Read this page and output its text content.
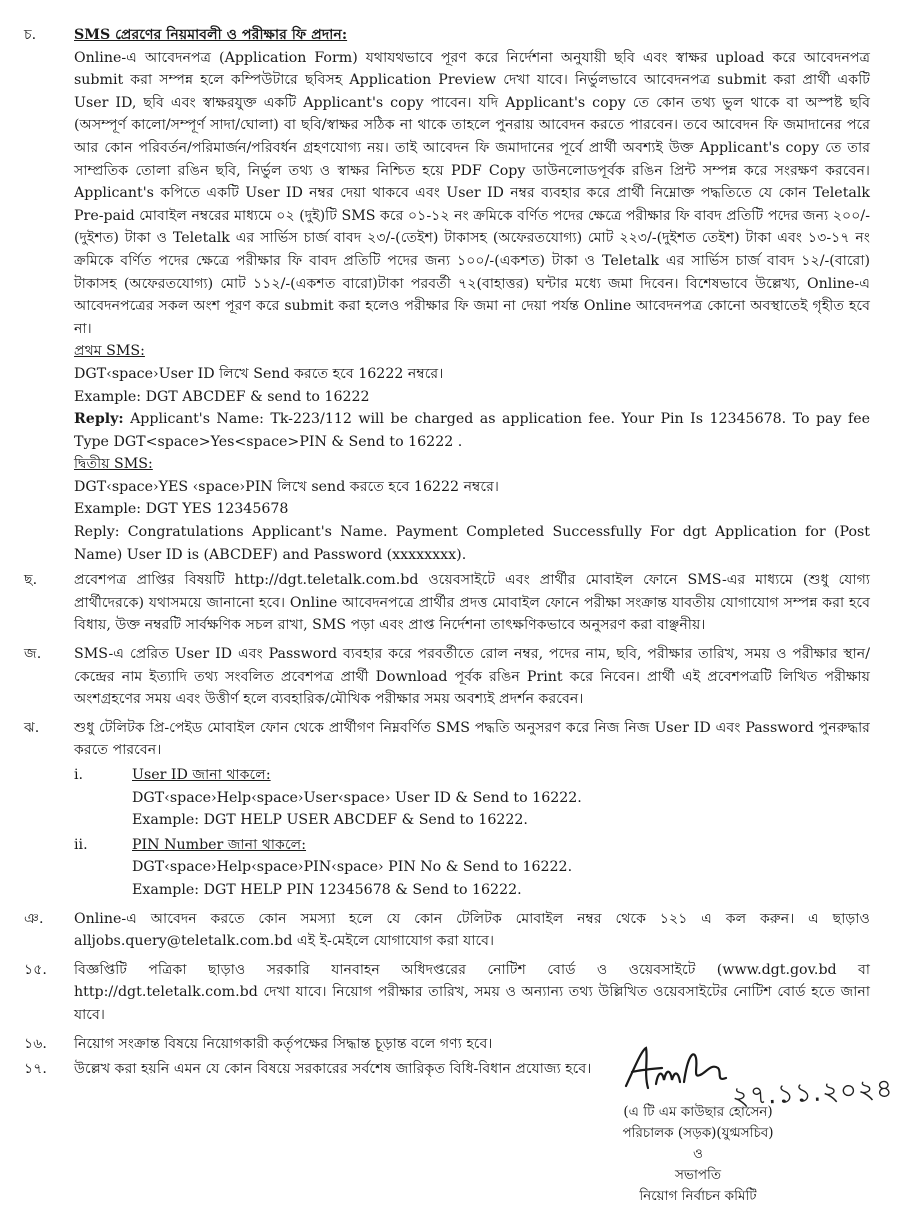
চ.	SMS প্রেরণের নিয়মাবলী ও পরীক্ষার ফি প্রদান:

Online-এ আবেদনপত্র (Application Form) যথাযথভাবে পূরণ করে নির্দেশনা অনুযায়ী ছবি এবং স্বাক্ষর upload করে আবেদনপত্র submit করা সম্পন্ন হলে কম্পিউটারে ছবিসহ Application Preview দেখা যাবে। নির্ভুলভাবে আবেদনপত্র submit করা প্রার্থী একটি User ID, ছবি এবং স্বাক্ষরযুক্ত একটি Applicant's copy পাবেন। যদি Applicant's copy তে কোন তথ্য ভুল থাকে বা অস্পষ্ট ছবি (অসম্পূর্ণ কালো/সম্পূর্ণ সাদা/ঘোলা) বা ছবি/স্বাক্ষর সঠিক না থাকে তাহলে পুনরায় আবেদন করতে পারবেন। তবে আবেদন ফি জমাদানের পরে আর কোন পরিবর্তন/পরিমার্জন/পরিবর্ধন গ্রহণযোগ্য নয়। তাই আবেদন ফি জমাদানের পূর্বে প্রার্থী অবশ্যই উক্ত Applicant's copy তে তার সাম্প্রতিক তোলা রঙিন ছবি, নির্ভুল তথ্য ও স্বাক্ষর নিশ্চিত হয়ে PDF Copy ডাউনলোডপূর্বক রঙিন প্রিন্ট সম্পন্ন করে সংরক্ষণ করবেন। Applicant's কপিতে একটি User ID নম্বর দেয়া থাকবে এবং User ID নম্বর ব্যবহার করে প্রার্থী নিম্নোক্ত পদ্ধতিতে যে কোন Teletalk Pre-paid মোবাইল নম্বরের মাধ্যমে ০২ (দুই)টি SMS করে ০১-১২ নং ক্রমিকে বর্ণিত পদের ক্ষেত্রে পরীক্ষার ফি বাবদ প্রতিটি পদের জন্য ২০০/-(দুইশত) টাকা ও Teletalk এর সার্ভিস চার্জ বাবদ ২৩/-(তেইশ) টাকাসহ (অফেরতযোগ্য) মোট ২২৩/-(দুইশত তেইশ) টাকা এবং ১৩-১৭ নং ক্রমিকে বর্ণিত পদের ক্ষেত্রে পরীক্ষার ফি বাবদ প্রতিটি পদের জন্য ১০০/-(একশত) টাকা ও Teletalk এর সার্ভিস চার্জ বাবদ ১২/-(বারো) টাকাসহ (অফেরতযোগ্য) মোট ১১২/-(একশত বারো)টাকা পরবর্তী ৭২(বাহাত্তর) ঘন্টার মধ্যে জমা দিবেন। বিশেষভাবে উল্লেখ্য, Online-এ আবেদনপত্রের সকল অংশ পূরণ করে submit করা হলেও পরীক্ষার ফি জমা না দেয়া পর্যন্ত Online আবেদনপত্র কোনো অবস্থাতেই গৃহীত হবে না।

প্রথম SMS:

DGT‹space›User ID লিখে Send করতে হবে 16222 নম্বরে।

Example: DGT ABCDEF & send to 16222

Reply: Applicant's Name: Tk-223/112 will be charged as application fee. Your Pin Is 12345678. To pay fee Type DGT<space>Yes<space>PIN & Send to 16222 .

দ্বিতীয় SMS:

DGT‹space›YES ‹space›PIN লিখে send করতে হবে 16222 নম্বরে।

Example: DGT YES 12345678

Reply: Congratulations Applicant's Name. Payment Completed Successfully For dgt Application for (Post Name) User ID is (ABCDEF) and Password (xxxxxxxx).

ছ.	প্রবেশপত্র প্রাপ্তির বিষয়টি http://dgt.teletalk.com.bd ওয়েবসাইটে এবং প্রার্থীর মোবাইল ফোনে SMS-এর মাধ্যমে (শুধু যোগ্য প্রার্থীদেরকে) যথাসময়ে জানানো হবে। Online আবেদনপত্রে প্রার্থীর প্রদত্ত মোবাইল ফোনে পরীক্ষা সংক্রান্ত যাবতীয় যোগাযোগ সম্পন্ন করা হবে বিধায়, উক্ত নম্বরটি সার্বক্ষণিক সচল রাখা, SMS পড়া এবং প্রাপ্ত নির্দেশনা তাৎক্ষণিকভাবে অনুসরণ করা বাঞ্ছনীয়।

জ.	SMS-এ প্রেরিত User ID এবং Password ব্যবহার করে পরবর্তীতে রোল নম্বর, পদের নাম, ছবি, পরীক্ষার তারিখ, সময় ও পরীক্ষার স্থান/কেন্দ্রের নাম ইত্যাদি তথ্য সংবলিত প্রবেশপত্র প্রার্থী Download পূর্বক রঙিন Print করে নিবেন। প্রার্থী এই প্রবেশপত্রটি লিখিত পরীক্ষায় অংশগ্রহণের সময় এবং উত্তীর্ণ হলে ব্যবহারিক/মৌখিক পরীক্ষার সময় অবশ্যই প্রদর্শন করবেন।

ঝ.	শুধু টেলিটক প্রি-পেইড মোবাইল ফোন থেকে প্রার্থীগণ নিম্নবর্ণিত SMS পদ্ধতি অনুসরণ করে নিজ নিজ User ID এবং Password পুনরুদ্ধার করতে পারবেন।

i.	User ID জানা থাকলে:

DGT‹space›Help‹space›User‹space› User ID & Send to 16222.

Example: DGT HELP USER ABCDEF & Send to 16222.

ii.	PIN Number জানা থাকলে:

DGT‹space›Help‹space›PIN‹space› PIN No & Send to 16222.

Example: DGT HELP PIN 12345678 & Send to 16222.

ঞ.	Online-এ আবেদন করতে কোন সমস্যা হলে যে কোন টেলিটক মোবাইল নম্বর থেকে ১২১ এ কল করুন। এ ছাড়াও alljobs.query@teletalk.com.bd এই ই-মেইলে যোগাযোগ করা যাবে।

১৫.	বিজ্ঞপ্তিটি পত্রিকা ছাড়াও সরকারি যানবাহন অধিদপ্তরের নোটিশ বোর্ড ও ওয়েবসাইটে (www.dgt.gov.bd বা http://dgt.teletalk.com.bd দেখা যাবে। নিয়োগ পরীক্ষার তারিখ, সময় ও অন্যান্য তথ্য উল্লিখিত ওয়েবসাইটের নোটিশ বোর্ড হতে জানা যাবে।

১৬.	নিয়োগ সংক্রান্ত বিষয়ে নিয়োগকারী কর্তৃপক্ষের সিদ্ধান্ত চূড়ান্ত বলে গণ্য হবে।

১৭.	উল্লেখ করা হয়নি এমন যে কোন বিষয়ে সরকারের সর্বশেষ জারিকৃত বিধি-বিধান প্রযোজ্য হবে।

২৭.১১.২০২৪
(এ টি এম কাউছার হোসেন)
পরিচালক (সড়ক)(যুগ্মসচিব)
ও
সভাপতি
নিয়োগ নির্বাচন কমিটি
